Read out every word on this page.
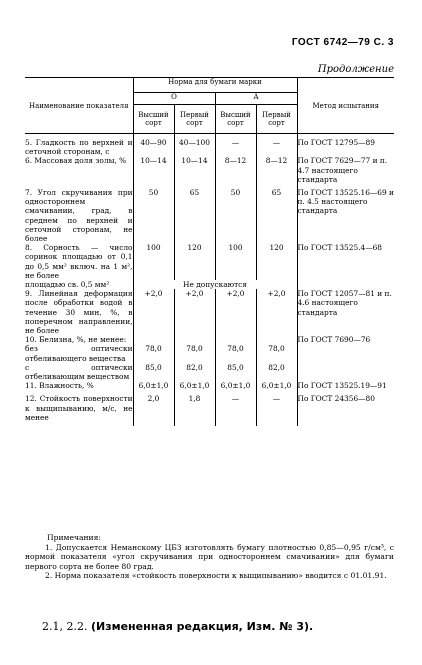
ГОСТ 6742—79 С. 3
Продолжение
Наименование показателя	Норма для бумаги марки				Метод испытания
	О		А		
	Высший сорт	Первый сорт	Высший сорт	Первый сорт	

5. Гладкость по верхней и сеточной сторонам, с	40—90	40—100	—	—	По ГОСТ 12795—89
6. Массовая доля золы, %	10—14	10—14	8—12	8—12	По ГОСТ 7629—77 и п. 4.7 настоящего стандарта

7. Угол скручивания при одностороннем смачивании, град, в среднем по верхней и сеточной сторонам, не более	50	65	50	65	По ГОСТ 13525.16—69 и п. 4.5 настоящего стандарта
8. Сорность — число соринок площадью от 0,1 до 0,5 мм² включ. на 1 м², не более	100	120	100	120	По ГОСТ 13525.4—68
площадью св. 0,5 мм²	Не допускаются				
9. Линейная деформация после обработки водой в течение 30 мин, %, в поперечном направлении, не более	+2,0	+2,0	+2,0	+2,0	По ГОСТ 12057—81 и п. 4.6 настоящего стандарта
10. Белизна, %, не менее:					По ГОСТ 7690—76
без оптически отбеливающего вещества	78,0	78,0	78,0	78,0	
с оптически отбеливающим веществом	85,0	82,0	85,0	82,0	
11. Влажность, %	6,0±1,0	6,0±1,0	6,0±1,0	6,0±1,0	По ГОСТ 13525.19—91

12. Стойкость поверхности к выщипыванию, м/с, не менее	2,0	1,8	—	—	По ГОСТ 24356—80

Примечания:

1. Допускается Неманскому ЦБЗ изготовлять бумагу плотностью 0,85—0,95 г/см³, с нормой показателя «угол скручивания при одностороннем смачивании» для бумаги первого сорта не более 80 град.

2. Норма показателя «стойкость поверхности к выщипыванию» вводится с 01.01.91.

2.1, 2.2. (Измененная редакция, Изм. № 3).
